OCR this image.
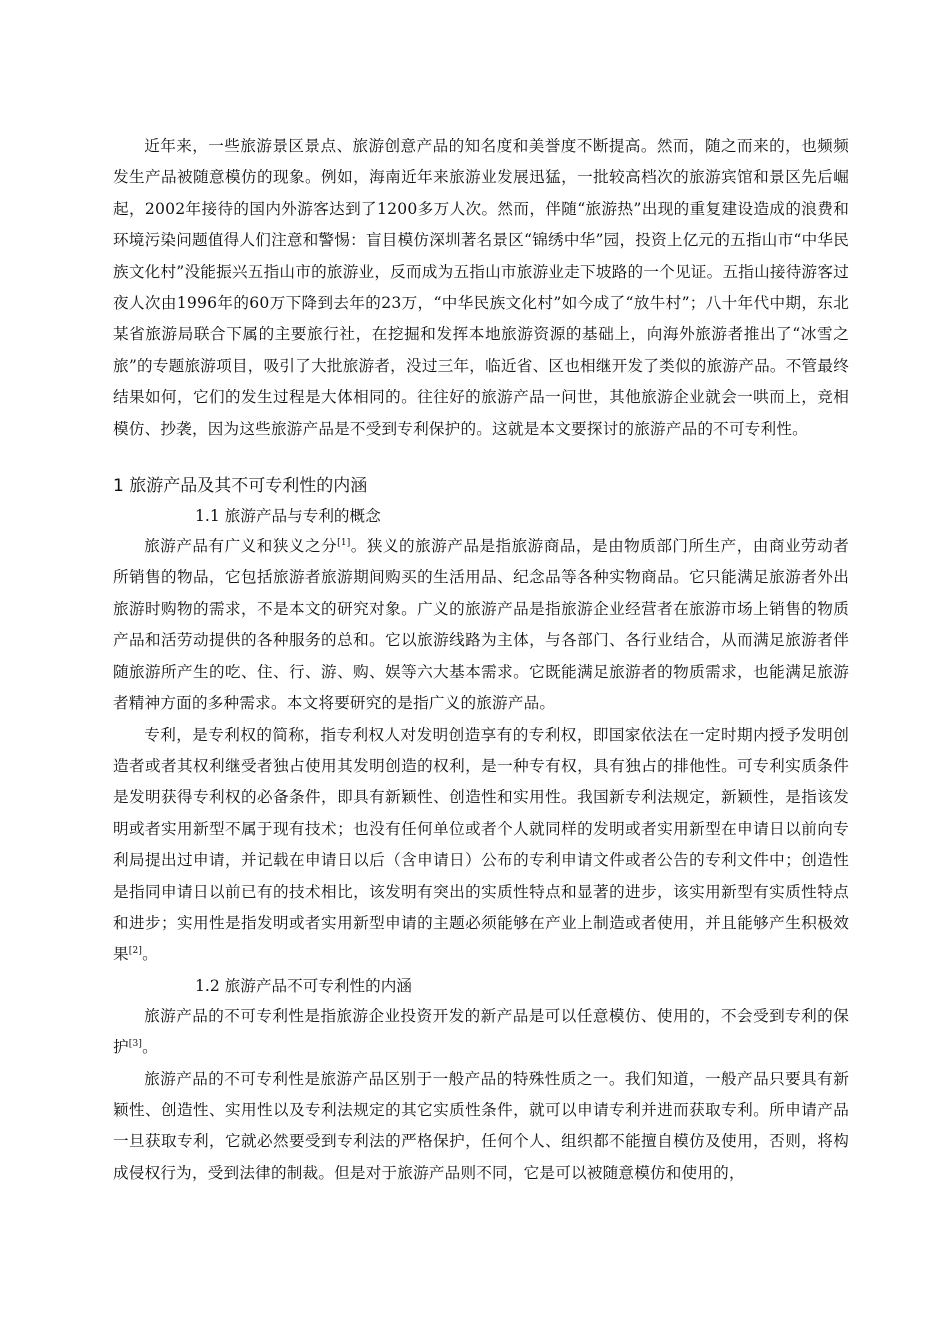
近年来，一些旅游景区景点、旅游创意产品的知名度和美誉度不断提高。然而，随之而来的，也频频发生产品被随意模仿的现象。例如，海南近年来旅游业发展迅猛，一批较高档次的旅游宾馆和景区先后崛起，2002年接待的国内外游客达到了1200多万人次。然而，伴随“旅游热”出现的重复建设造成的浪费和环境污染问题值得人们注意和警惕：盲目模仿深圳著名景区“锦绣中华”园，投资上亿元的五指山市“中华民族文化村”没能振兴五指山市的旅游业，反而成为五指山市旅游业走下坡路的一个见证。五指山接待游客过夜人次由1996年的60万下降到去年的23万，“中华民族文化村”如今成了“放牛村”；八十年代中期，东北某省旅游局联合下属的主要旅行社，在挖掘和发挥本地旅游资源的基础上，向海外旅游者推出了“冰雪之旅”的专题旅游项目，吸引了大批旅游者，没过三年，临近省、区也相继开发了类似的旅游产品。不管最终结果如何，它们的发生过程是大体相同的。往往好的旅游产品一问世，其他旅游企业就会一哄而上，竞相模仿、抄袭，因为这些旅游产品是不受到专利保护的。这就是本文要探讨的旅游产品的不可专利性。

1 旅游产品及其不可专利性的内涵
1.1 旅游产品与专利的概念

旅游产品有广义和狭义之分[1]。狭义的旅游产品是指旅游商品，是由物质部门所生产，由商业劳动者所销售的物品，它包括旅游者旅游期间购买的生活用品、纪念品等各种实物商品。它只能满足旅游者外出旅游时购物的需求，不是本文的研究对象。广义的旅游产品是指旅游企业经营者在旅游市场上销售的物质产品和活劳动提供的各种服务的总和。它以旅游线路为主体，与各部门、各行业结合，从而满足旅游者伴随旅游所产生的吃、住、行、游、购、娱等六大基本需求。它既能满足旅游者的物质需求，也能满足旅游者精神方面的多种需求。本文将要研究的是指广义的旅游产品。

专利，是专利权的简称，指专利权人对发明创造享有的专利权，即国家依法在一定时期内授予发明创造者或者其权利继受者独占使用其发明创造的权利，是一种专有权，具有独占的排他性。可专利实质条件是发明获得专利权的必备条件，即具有新颖性、创造性和实用性。我国新专利法规定，新颖性，是指该发明或者实用新型不属于现有技术；也没有任何单位或者个人就同样的发明或者实用新型在申请日以前向专利局提出过申请，并记载在申请日以后（含申请日）公布的专利申请文件或者公告的专利文件中；创造性是指同申请日以前已有的技术相比，该发明有突出的实质性特点和显著的进步，该实用新型有实质性特点和进步；实用性是指发明或者实用新型申请的主题必须能够在产业上制造或者使用，并且能够产生积极效果[2]。

1.2 旅游产品不可专利性的内涵

旅游产品的不可专利性是指旅游企业投资开发的新产品是可以任意模仿、使用的，不会受到专利的保护[3]。

旅游产品的不可专利性是旅游产品区别于一般产品的特殊性质之一。我们知道，一般产品只要具有新颖性、创造性、实用性以及专利法规定的其它实质性条件，就可以申请专利并进而获取专利。所申请产品一旦获取专利，它就必然要受到专利法的严格保护，任何个人、组织都不能擅自模仿及使用，否则，将构成侵权行为，受到法律的制裁。但是对于旅游产品则不同，它是可以被随意模仿和使用的，
